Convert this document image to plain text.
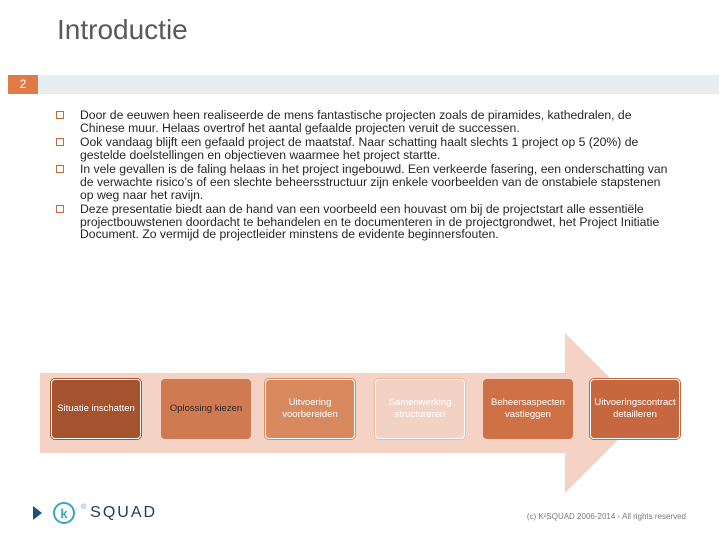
Introductie
2
Door de eeuwen heen realiseerde de mens fantastische projecten zoals de piramides, kathedralen, de Chinese muur. Helaas overtrof het aantal gefaalde projecten veruit de successen.
Ook vandaag blijft een gefaald project de maatstaf. Naar schatting haalt slechts 1 project op 5 (20%) de gestelde doelstellingen en objectieven waarmee het project startte.
In vele gevallen is de faling helaas in het project ingebouwd. Een verkeerde fasering, een onderschatting van de verwachte risico’s of een slechte beheersstructuur zijn enkele voorbeelden van de onstabiele stapstenen op weg naar het ravijn.
Deze presentatie biedt aan de hand van een voorbeeld een houvast om bij de projectstart alle essentiële projectbouwstenen doordacht te behandelen en te documenteren in de projectgrondwet, het Project Initiatie Document. Zo vermijd de projectleider minstens de evidente beginnersfouten.
Situatie inschatten	Oplossing kiezen
Uitvoering voorbereiden
Samenwerking structureren
Beheersaspecten vastleggen
Uitvoeringscontract detailleren
k	® SQUAD	(c) K²SQUAD 2006-2014 - All rights reserved
